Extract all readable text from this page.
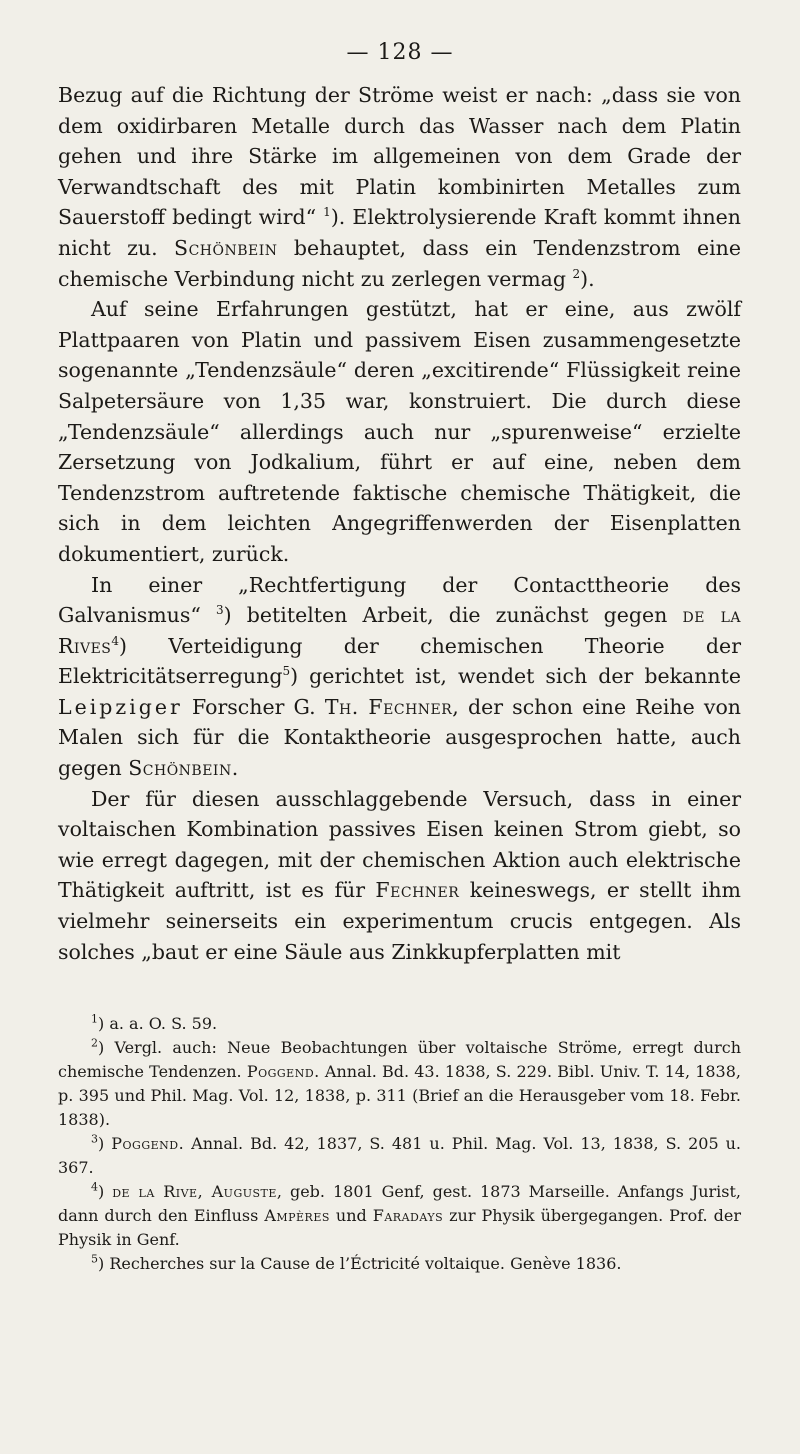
— 128 —

Bezug auf die Richtung der Ströme weist er nach: „dass sie von dem oxidirbaren Metalle durch das Wasser nach dem Platin gehen und ihre Stärke im allgemeinen von dem Grade der Verwandtschaft des mit Platin kombinirten Metalles zum Sauerstoff bedingt wird“ $^1$). Elektrolysierende Kraft kommt ihnen nicht zu. Schönbein behauptet, dass ein Tendenzstrom eine chemische Verbindung nicht zu zerlegen vermag $^2$).

Auf seine Erfahrungen gestützt, hat er eine, aus zwölf Plattpaaren von Platin und passivem Eisen zusammengesetzte sogenannte „Tendenzsäule“ deren „excitirende“ Flüssigkeit reine Salpetersäure von 1,35 war, konstruiert. Die durch diese „Tendenzsäule“ allerdings auch nur „spurenweise“ erzielte Zersetzung von Jodkalium, führt er auf eine, neben dem Tendenzstrom auftretende faktische chemische Thätigkeit, die sich in dem leichten Angegriffenwerden der Eisenplatten dokumentiert, zurück.

In einer „Rechtfertigung der Contacttheorie des Galvanismus“ $^3$) betitelten Arbeit, die zunächst gegen de la Rives$^4$) Verteidigung der chemischen Theorie der Elektricitätserregung$^5$) gerichtet ist, wendet sich der bekannte Leipziger Forscher G. Th. Fechner, der schon eine Reihe von Malen sich für die Kontaktheorie ausgesprochen hatte, auch gegen Schönbein.

Der für diesen ausschlaggebende Versuch, dass in einer voltaischen Kombination passives Eisen keinen Strom giebt, so wie erregt dagegen, mit der chemischen Aktion auch elektrische Thätigkeit auftritt, ist es für Fechner keineswegs, er stellt ihm vielmehr seinerseits ein experimentum crucis entgegen. Als solches „baut er eine Säule aus Zinkkupferplatten mit

$^1$) a. a. O. S. 59.

$^2$) Vergl. auch: Neue Beobachtungen über voltaische Ströme, erregt durch chemische Tendenzen. Poggend. Annal. Bd. 43. 1838, S. 229. Bibl. Univ. T. 14, 1838, p. 395 und Phil. Mag. Vol. 12, 1838, p. 311 (Brief an die Herausgeber vom 18. Febr. 1838).

$^3$) Poggend. Annal. Bd. 42, 1837, S. 481 u. Phil. Mag. Vol. 13, 1838, S. 205 u. 367.

$^4$) de la Rive, Auguste, geb. 1801 Genf, gest. 1873 Marseille. Anfangs Jurist, dann durch den Einfluss Ampères und Faradays zur Physik übergegangen. Prof. der Physik in Genf.

$^5$) Recherches sur la Cause de l’Éctricité voltaique. Genève 1836.
